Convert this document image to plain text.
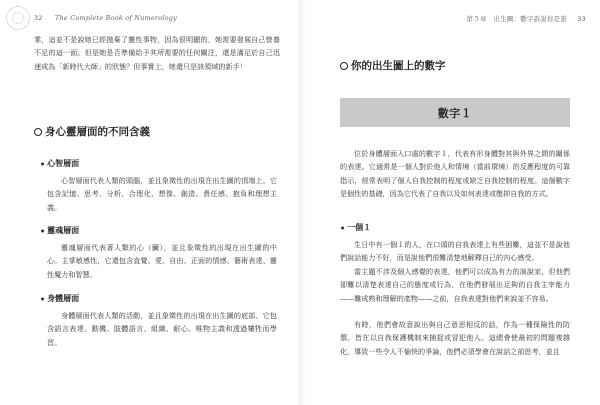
32 The Complete Book of Numerology

業，這並不是說她已經拋棄了靈性事物，因為很明顯的，她需要發展自己營養不足的這一面。但是她是否準備給予其所需要的任何關注，還是滿足於自己迅速成為「新時代大師」的狀態？但事實上，她還只是該領域的新手！

身心靈層面的不同含義
• 心智層面

心智層面代表人類的頭腦，並且象徵性的出現在出生圖的頂端上。它包含記憶、思考、分析、合理化、想像、創造、責任感、抱負和理想主義。

• 靈魂層面

靈魂層面代表著人類的心（臟），並且象徵性的出現在出生圖的中心。主掌敏感性，它還包含直覺、愛、自由、正面的情感、藝術表達、靈性魔力和智慧。

• 身體層面

身體層面代表人類的活動，並且象徵性的出現在出生圖的底部。它包含語言表達、動機、肢體語言、組織、耐心、唯物主義和透過犧牲而學習。

第５章　出生圖：數字訴說你是誰 33
你的出生圖上的數字
數字１

位於身體層面入口處的數字１，代表有形身體對其與外界之間的關係的表達。它通常是一個人對於他人和情境（當前環境）的反應程度的可靠指示，經常表明了個人自我控制的程度或缺乏自我控制的程度。這個數字是個性的基礎，因為它代表了自我以及如何表達或壓抑自我的方式。

• 一個１

生日中有一個１的人，在口頭的自我表達上有些困難，這並不是說他們說話能力不好，而是說他們很難清楚地解釋自己的內心感受。

當主題不涉及個人感覺的表達，他們可以成為有力的演說家，但他們卻難以清楚表達自己的態度或行為，在他們發展出足夠的自我主宰能力——難成熟和理解的產物——之前，自我表達對他們來說並不容易。

有時，他們會故意說出與自己意思相反的話，作為一種保險性的防禦。皆在以自我保護機制來捕捉或冒犯他人。這總會使最初的問題複雜化，導致一些令人不愉快的爭論，他們必須學會在說話之前思考，並且
